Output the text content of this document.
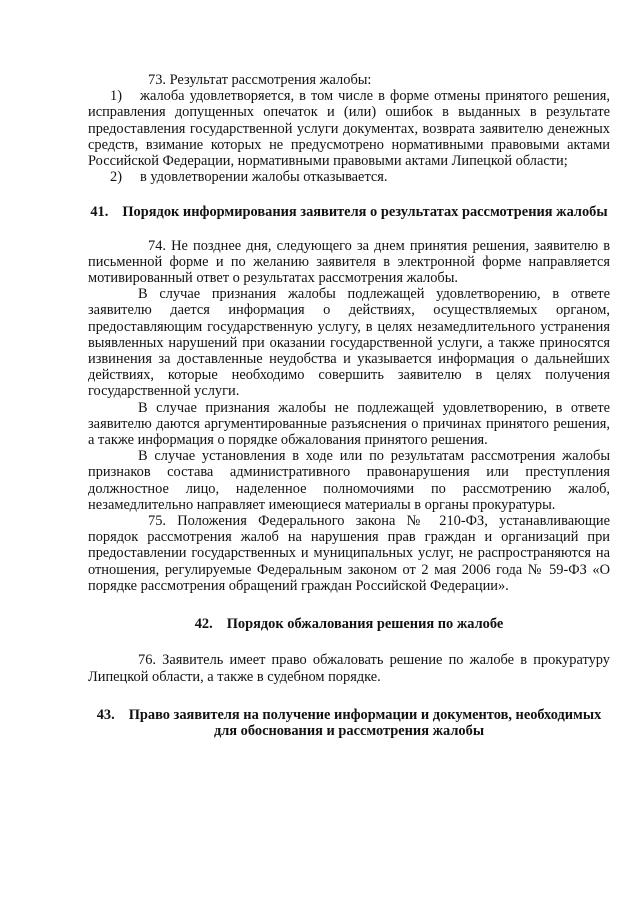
73. Результат рассмотрения жалобы:

1) жалоба удовлетворяется, в том числе в форме отмены принятого решения, исправления допущенных опечаток и (или) ошибок в выданных в результате предоставления государственной услуги документах, возврата заявителю денежных средств, взимание которых не предусмотрено нормативными правовыми актами Российской Федерации, нормативными правовыми актами Липецкой области;

2) в удовлетворении жалобы отказывается.

41. Порядок информирования заявителя о результатах рассмотрения жалобы

74. Не позднее дня, следующего за днем принятия решения, заявителю в письменной форме и по желанию заявителя в электронной форме направляется мотивированный ответ о результатах рассмотрения жалобы.

В случае признания жалобы подлежащей удовлетворению, в ответе заявителю дается информация о действиях, осуществляемых органом, предоставляющим государственную услугу, в целях незамедлительного устранения выявленных нарушений при оказании государственной услуги, а также приносятся извинения за доставленные неудобства и указывается информация о дальнейших действиях, которые необходимо совершить заявителю в целях получения государственной услуги.

В случае признания жалобы не подлежащей удовлетворению, в ответе заявителю даются аргументированные разъяснения о причинах принятого решения, а также информация о порядке обжалования принятого решения.

В случае установления в ходе или по результатам рассмотрения жалобы признаков состава административного правонарушения или преступления должностное лицо, наделенное полномочиями по рассмотрению жалоб, незамедлительно направляет имеющиеся материалы в органы прокуратуры.

75. Положения Федерального закона № 210-ФЗ, устанавливающие порядок рассмотрения жалоб на нарушения прав граждан и организаций при предоставлении государственных и муниципальных услуг, не распространяются на отношения, регулируемые Федеральным законом от 2 мая 2006 года № 59-ФЗ «О порядке рассмотрения обращений граждан Российской Федерации».

42. Порядок обжалования решения по жалобе

76. Заявитель имеет право обжаловать решение по жалобе в прокуратуру Липецкой области, а также в судебном порядке.

43. Право заявителя на получение информации и документов, необходимых для обоснования и рассмотрения жалобы
